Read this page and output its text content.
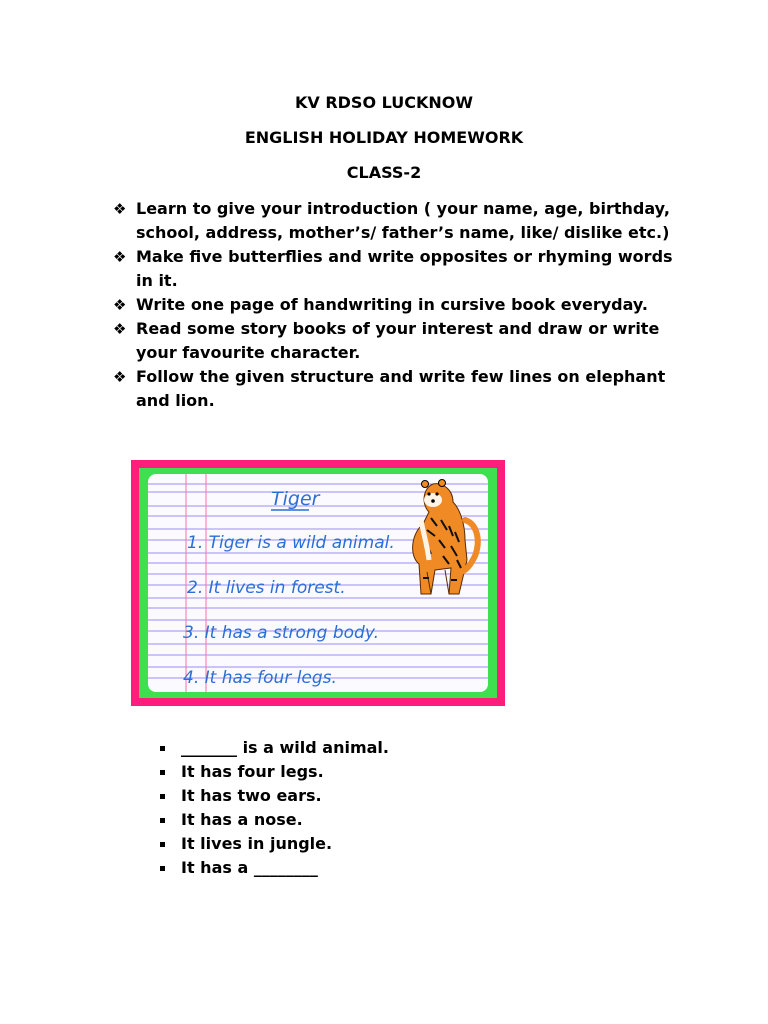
KV RDSO LUCKNOW
ENGLISH HOLIDAY HOMEWORK
CLASS-2
❖ Learn to give your introduction ( your name, age, birthday, school, address, mother’s/ father’s name, like/ dislike etc.)
❖ Make five butterflies and write opposites or rhyming words in it.
❖ Write one page of handwriting in cursive book everyday.
❖ Read some story books of your interest and draw or write your favourite character.
❖ Follow the given structure and write few lines on elephant and lion.
Tiger
1. Tiger is a wild animal.
2. It lives in forest.
3. It has a strong body.
4. It has four legs.
_______ is a wild animal.
It has four legs.
It has two ears.
It has a nose.
It lives in jungle.
It has a ________
